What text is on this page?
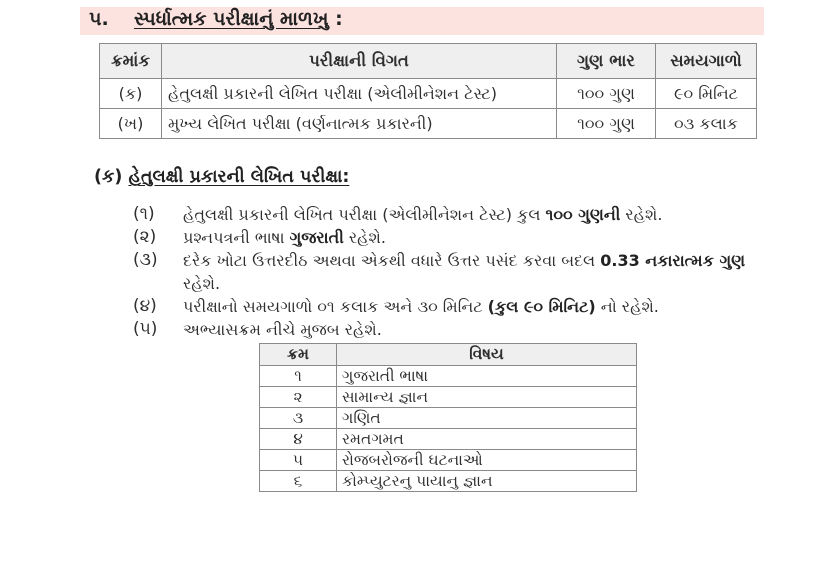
૫. સ્પર્ધાત્મક પરીક્ષાનું માળખુ :
ક્રમાંક	પરીક્ષાની વિગત	ગુણ ભાર	સમયગાળો
(ક)	હેતુલક્ષી પ્રકારની લેખિત પરીક્ષા (એલીમીનેશન ટેસ્ટ)	૧૦૦ ગુણ	૯૦ મિનિટ
(ખ)	મુખ્ય લેખિત પરીક્ષા (વર્ણનાત્મક પ્રકારની)	૧૦૦ ગુણ	૦૩ કલાક
(ક) હેતુલક્ષી પ્રકારની લેખિત પરીક્ષા:
(૧)	હેતુલક્ષી પ્રકારની લેખિત પરીક્ષા (એલીમીનેશન ટેસ્ટ) કુલ ૧૦૦ ગુણની રહેશે.
(૨)	પ્રશ્નપત્રની ભાષા ગુજરાતી રહેશે.
(૩)	દરેક ખોટા ઉત્તરદીઠ અથવા એકથી વધારે ઉત્તર પસંદ કરવા બદલ 0.33 નકારાત્મક ગુણ રહેશે.
(૪)	પરીક્ષાનો સમયગાળો ૦૧ કલાક અને ૩૦ મિનિટ (કુલ ૯૦ મિનિટ) નો રહેશે.
(૫)	અભ્યાસક્રમ નીચે મુજબ રહેશે.
ક્રમ	વિષય
૧	ગુજરાતી ભાષા
૨	સામાન્ય જ્ઞાન
૩	ગણિત
૪	રમતગમત
૫	રોજબરોજની ઘટનાઓ
૬	કોમ્પ્યુટરનુ પાયાનુ જ્ઞાન
